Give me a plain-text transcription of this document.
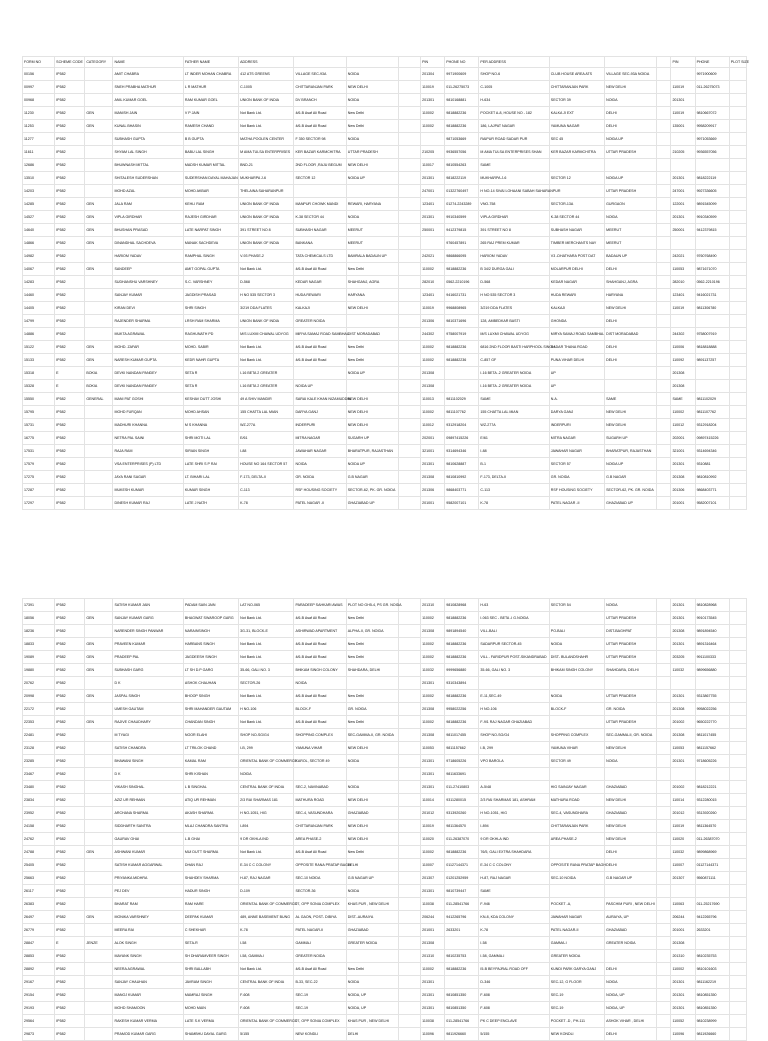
FORM NO	SCHEME CODE	CATEGORY	NAME	FATHER NAME	ADDRESS				PIN	PHONE NO	PER ADDRESS				PIN	PHONE	PLOT SIZE
00156	IP582		AMIT CHABRA	LT INDER MOHAN CHABRA	412 ATS GREENS	VILLAGE SEC-93A	NOIDA		201304	9971900609	SHOP NO-6	CLUB HOUSE AREA ATS	VILLAGE SEC-93A NOIDA			9971900609	
00997	IP582		SNEH PRABHA MATHUR	L R MATHUR	C-1005	CHITTARANJAN PARK	NEW DELHI		110019	011-26275073	C-1005	CHITTARANJAN PARK	NEW DELHI		110019	011-26275073	
00968	IP582		ANIL KUMAR GOEL	RAM KUMAR GOEL	UNION BANK OF INDIA	DV BRANCH	NOIDA		201301	9810168881	H-634	SECTOR 39	NOIDA		201301		
11230	IP582	GEN	MANISH JAIN	V P JAIN	Not Bank Ltd.	4/6-B Asaf Ali Road	New Delhi		110002	9818882236	POCKET A-8, HOUSE NO - 182	KALKA JI EXT	DELHI		110019	9810667072	
11253	IP582	GEN	KUNAL BHASIN	RAMESH CHAND	Not Bank Ltd.	4/6-B Asaf Ali Road	New Delhi		110002	9818882236	186, LAJPAT NAGAR	YAMUNA NAGAR	DELHI		135001	9958209917	
11277	IP582		SUBHASH GUPTA	B B GUPTA	MATHA POOLEN CENTER	F 350 SECTOR 98	NOIDA			9871053669	RAIPUR ROAD SADAR PUR	SEC 45	NOIDA UP			9971053669	
11611	IP582		SHYAM LAL SINGH	BABU LAL SINGH	M AMA TULSA ENTERPRISES	KER BAZAR KARMCHITRA	UTTAR PRADESH		210205	9936557056	M AMA TULSA ENTERPRISES SHAN	KER BAZAR KARMCHITRA	UTTAR PRADESH		210205	9936557056	
12686	IP582		BHUWNASH MITTAL	MADSH KUMAR MITTAL	BND-21	2ND FLOOR ,RAJU BEGUM	NEW DELHI		110017	9810554263	SAME						
13510	IP582		SHITALESH SUDERSHAN	SUDERSHAN DAYAL MAHAJAN	MUKHARPA J-6	SECTOR 12	NOIDA UP		201301	9818222119	MUKHARPA J-6	SECTOR 12	NOIDA UP		201301	9818222119	
14203	IP582		MOHD AZAL	MOHD AKBAR	THELAINA SAHARANPUR				247001	01322760497	H NO-14 SIVAI LOHAANI SABAH SAHARANPUR		UTTAR PRADESH		247001	9927336605	
14285	IP582	GEN	JALA RAM	KEHLI RAM	UNION BANK OF INDIA	MANPUR CHOWK MANDI	REWARI, HARYANA		123401	01274-2243289	VNO-758	SECTOR-13A	GURGAON		122001	9891545099	
14527	IP582	GEN	VIPLA GIRDHAR	RAJESH GIRDHAR	UNION BANK OF INDIA	K-38 SECTOR 44	NOIDA		201301	9910340599	VIPLA GIRDHAR	K-38 SECTOR 44	NOIDA		201301	9910340599	
14640	IP582	GEN	BHUSHAN PRASAD	LATE NARPAT SINGH	391 STREET NO 8	SUBHASH NAGAR	MEERUT		250001	9412379815	391 STREET NO 8	SUBHASH NAGAR	MEERUT		250001	9412379815	
14866	IP582	GEN	DINANDHAL SACHDEVA	MANAK SACHDEVA	UNION BANK OF INDIA	BANKANA	MEERUT			9760457891	265 RAJ PREM KUMAR	TIMBER MERCHANTS NAY	MEERUT				
14982	IP582		HARIOM YADAV	RAMPHAL SINGH	V-93 PHASE-2	TATA CHEMICALS LTD	BAMRALA BADAUN UP		242021	9868866095	HARIOM YADAV	V3 -DHATHARA POST DAT	BADAUN UP		242021	9760768490	
14067	IP582	GEN	SANDEEP	AMIT GOPAL GUPTA	Not Bank Ltd.	4/6-B Asaf Ali Road	New Delhi		110002	9818882236	B 34/2 DURGA GALI	MOLARPUR DELHI	DELHI		110053	9871671070	
14283	IP582		SUDHANSHU VARSHNEY	S.C. VARSHNEY	D-568	KEDAR NAGAR	SHAHGANJ, AGRA		282010	0562-2210196	D-568	KEDAR NAGAR	SHAHGANJ, AGRA		282010	0562-2210196	
14460	IP582		SANJAY KUMAR	JAGDISH PRASAD	H NO 535 SECTOR 3	HUDA REWARI	HARYANA		123401	9416021731	H NO 535 SECTOR 3	HUDA REWARI	HARYANA		123401	9416021731	
14405	IP582		KIRAN DEVI	SHRI SINGH	3/219 DDA FLATES	KALKAJI	NEW DELHI		110019	9968808965	3/219 DDA FLATES	KALKAJI	NEW DELHI		110019	9811306780	
14799	IP582		RAJENDER SHARMA	LRSH RAM SHARMA	UNION BANK OF INDIA	GREATER NOIDA			201306	9810371696	128, AMBEDKAR BASTI	GHONDA	DELHI				
14886	IP582		MUKTA AGRAWAL	RAGHUNATH PD	M/S LUXMI CHAWAL UDYOG	MIRYA SAMAJ ROAD SAMBHAL	DIST MORADABAD		244302	9758007919	M/S LUXMI CHAWAL UDYOG	MIRYA SAMAJ ROAD SAMBHAL	DIST MORADABAD		244302	9758007919	
15122	IP582	GEN	MOHD. ZAFAR	MOHD. SABIR	Not Bank Ltd.	4/6-B Asaf Ali Road	New Delhi		110002	9818882236	6816 2ND FLOOR BASTI HARPHOOL SINGH	SADAR THANA ROAD	DELHI		110006	9818818888	
15133	IP582	GEN	NARESH KUMAR GUPTA	KEDR NAHR GUPTA	Not Bank Ltd.	4/6-B Asaf Ali Road	New Delhi		110002	9818882236	C-857 GF	PUNA VIHAR DELHI	DELHI		110092	9891137257	
15318	E	BOKIA	DEVKI NANDAN PANDEY	SETA R	I-16 BETA 2 GREATER		NOIDA UP		201308		I-16 BETA -2 GREATER NOIDA	UP			201308		
15328	E	BOKIA	DEVKI NANDAN PANDEY	SETA R	I-16 BETA 2 GREATER	NOIDA UP			201308		I-16 BETA -2 GREATER NOIDA	UP			201308		
15550	IP582	GENERAL	MANI PAT GOSHI	KESHAV DUTT JOSHI	49 A SHIV MANDIR	SARAI KALE KHAN NIZAMUDDIN	NEW DELHI		110013	9811102029	SAME	N.A.	SAME		SAME	9811102029	
15795	IP582		MOHD FURQAN	MOHD AHSAN	155 CHATTA LAL MIAN	DARYA GANJ	NEW DELHI		110002	9811107762	155 CHATTA LAL MIAN	DARYA GANJ	NEW DELHI		110002	9811107762	
15731	IP582		MADHURI KHANNA	M S KHANNA	WZ-277A	INDERPURI	NEW DELHI		110012	9312918204	WZ-277A	INDERPURI	NEW DELHI		110012	9312918204	
16775	IP582		NETRA PAL SAINI	SHRI MOTI LAL	E/61	MITRA NAGAR	SUGARH UP		202001	09897415226	E/61	MITRA NAGAR	SUGARH UP		202001	09897415226	
17531	IP582		RAJA RAM	SIRIAN SINGH	I-88	JAWAHAR NAGAR	BHARATPUR, RAJASTHAN		321001	9314694346	I-88	JAWAHAR NAGAR	BHARATPUR, RAJASTHAN		321001	9314694346	
17579	IP582		VSA ENTERPRISES (P) LTD	LATE SHRI S P RAI	HOUSE NO 164 SECTOR 57	NOIDA	NOIDA UP		201301	9810628887	B-1	SECTOR 57	NOIDA UP		201301	9310881	
17275	IP582		JAYA RANI SAGAR	LT. BIHARI LAL	F-173, DELTA-II	GR. NOIDA	G.B NAGAR		201308	9810810992	F-173, DELTA-II	GR. NOIDA	G.B NAGAR		201308	9810810992	
17287	IP582		MUKESH KUMAR	KUMAR SINGH	C-113	RSF HOUSING SOCIETY	SECTOR-62, PK. GR. NOIDA		201306	9868403771	C-113	RSF HOUSING SOCIETY	SECTOR-62, PK. GR. NOIDA		201306	9868403771	
17297	IP582		DINESH KUMAR RAJ	LATE J NATH	K-78	PATEL NAGAR -II	GHAZIABAD UP		201001	9582007101	K-78	PATEL NAGAR -II	GHAZIABAD UP		201001	9582007101	
17391	IP582		SATISH KUMAR JAIN	PADAM SAIN JAIN	LAT NO-065	PARADEEP SAHKARI AWAS	PLOT NO GH5-4, PS GR. NOIDA		201310	9810828968	H-63	SECTOR 54	NOIDA		201301	9810828968	
18056	IP582	GEN	SANJAY KUMAR GARG	BHAGWAT SWAROOP GARG	Not Bank Ltd.	4/6-B Asaf Ali Road	New Delhi		110002	9818882236	I-063 SEC - BETA -I G.NOIDA		UTTAR PRADESH		201301	9910173545	
18236	IP582		NARENDER SINGH PANWAR	NARAINSINGH	3G-31, BLOCK-E	ASHIRWAD APARTMENT	ALPHA-II, GR. NOIDA		201308	9891894540	VILL-BALI	PO-BALI	DIST-BAGHPAT		201308	9891894540	
18833	IP582	GEN	PRAVEEN KUMAR	HARBANS SINGH	Not Bank Ltd.	4/6-B Asaf Ali Road	New Delhi		110002	9818882236	SADARPUR SECTOR-45	NOIDA	UTTAR PRADESH		201301	9891316464	
19089	IP582	GEN	PRADEEP PAL	JAGDEESH SINGH	Not Bank Ltd.	4/6-B Asaf Ali Road	New Delhi		110002	9818882236	VILL - FARIDPUR POST-SIKANDRABAD	DIST- BULANDSHAHR	UTTAR PRADESH		203205	9911100333	
19880	IP582	GEN	SUBHASH GARG	LT SH D.P GARG	35-66, GALI NO. 3	BHIKAM SINGH COLONY	SHAHDARA, DELHI		110032	9999656880	35-66, GALI NO. 3	BHIKAM SINGH COLONY	SHAHDARA, DELHI		110032	9899656880	
20762	IP582		D K	ASHOK CHAUHAN	SECTOR-26	NOIDA			201301	9310343894							
20998	IP582	GEN	JASPAL SINGH	BHOOP SINGH	Not Bank Ltd.	4/6-B Asaf Ali Road	New Delhi		110002	9818882236	E-11,SEC-49	NOIDA	UTTAR PRADESH		201301	9313867755	
22172	IP582		UMESH GAUTAM	SHRI MAHANDER GAUTAM	H NO-106	BLOCK-F	GR. NOIDA		201308	9958022256	H NO-106	BLOCK-F	GR. NOIDA		201308	9958022256	
22353	IP582	GEN	RAJIVE CHAUDHARY	CHANDAN SINGH	Not Bank Ltd.	4/6-B Asaf Ali Road	New Delhi		110002	9818882236	F-9/1 RAJ NAGAR GHAZIABAD		UTTAR PRADESH		201002	9650222770	
22481	IP582		M TYAGI	NOOR ELAHI	SHOP NO-SG/G4	SHOPPING COMPLEX	SEC-GAMMA-II, GR. NOIDA		201308	9811017455	SHOP NO-SG/G4	SHOPPING COMPLEX	SEC-GAMMA-II, GR. NOIDA		201308	9811017455	
23128	IP582		SATISH CHANDRA	LT TRILOK CHAND	I-B, 299	YAMUNA VIHAR	NEW DELHI		110053	9811157662	I-B, 299	YAMUNA VIHAR	NEW DELHI		110053	9811157662	
23285	IP582		BHAWANI SINGH	KAMAL RAM	ORIENTAL BANK OF COMMERCE	KAROL, SECTOR 49	NOIDA		201301	9718605226	VPO BAROLA	SECTOR 49	NOIDA		201301	9718605226	
23467	IP582		D K	SHRI KISHAN	NOIDA				201301	9811633691							
23480	IP582		VIKASH SINGHAL	L B SINGHAL	CENTRAL BANK OF INDIA	SEC-2, NAVINABAD	NOIDA		201301	011-27410803	A-5/48	HIG SAINJAY NAGAR	GHAZIABAD		201002	9818212221	
23834	IP582		AZIZ UR REHMAN	ATIQ UR REHMAN	2/3 RAI SHARMAS 181	MATHURA ROAD	NEW DELHI		110014	9311280015	2/3 RAI SHARMAS 181, ASHRAM	MATHURA ROAD	NEW DELHI		110014	9312280015	
23952	IP582		ARCHANA SHARMA	AKASH SHARMA	H NO-1051, HIG	SEC-4, VASUNDHARA	GHAZIABAD		201012	9313920260	H NO-1051, HIG	SEC-4, VASUNDHARA	GHAZIABAD		201012	9313920260	
24158	IP582		SIDDHARTH SANTRA	MLAJ CHANDRA SANTRA	I-894	CHITTARANJAN PARK	NEW DELHI		110019	9811364570	I-894	CHITTARANJAN PARK	NEW DELHI		110019	9811364570	
24762	IP582		GAURAV GHAI	L.B GHAI	9 DR OKHLA IND	AREA PHASE-2	NEW DELHI		110020	011-26387070	9 DR OKHLA IND	AREA PHASE-2	NEW DELHI		110020	011-26387070	
24788	IP582	GEN	ASHWANI KUMAR	MUI DUTT SHARMA	Not Bank Ltd.	4/6-B Asaf Ali Road	New Delhi		110002	9818882236	76/5, GALI EXTRA SHAHDARA		DELHI		110032	9899868969	
25405	IP582		SATISH KUMAR AGGARWAL	DHAN RAJ	E-34 C C COLONY	OPPOSITE RANA PRATAP BAGH	DELHI		110007	01127144371	E-34 C C COLONY	OPPOSITE RANA PRATAP BAGH	DELHI		110007	01127144371	
25663	IP582		PRIYANKA MIDHRA	SHAHDEV SHARMA	H-87, RAJ NAGAR	SEC-10 NOIDA	G.B NAGAR UP		201307	01201252959	H-87, RAJ NAGAR	SEC-10 NOIDA	G.B NAGAR UP		201307	9560871111	
26117	IP582		PEJ DEV	HADUR SINGH	D-109	SECTOR-36	NOIDA		201301	9810739447	SAME						
26383	IP582		BHARAT RAM	RAM HARE	ORIENTAL BANK OF COMMERCE	27, OPP SONIA COMPLEX	KHAS PUR , NEW DELHI		110038	011-28541766	F-946	POCKET -A,	PASCHIM PURI , NEW DELHI		110063	011-25217690	
26497	IP582	GEN	MONIKA VARSHNEY	DEEPAK KUMAR	489, ANNE BASEMENT BUNG	AL GAON, POST- DIBIYA	DIST.-AURAIYA		206244	9412265796	KN-8, KDA COLONY	JAWAHAR NAGAR	AURAIYA, UP		206244	9412265796	
26779	IP582		MEERA RAI	C SHEKHAR	K-78	PATEL NAGAR-II	GHAZIABAD		201001	2633201	K-78	PATEL NAGAR-II	GHAZIABAD		201001	2633201	
28847	E	JENZE	ALOK SINGH	SETA-R	I-58	GAMMA-I	GREATER NOIDA		201308		I-58	GAMMA-I	GREATER NOIDA		201308		
28853	IP582		MAYANK SINGH	SH DHARAMVEER SINGH	I-58, GAMMA-I	GREATER NOIDA			201310	9810235753	I-58, GAMMA-I	GREATER NOIDA			201310	9810235753	
28892	IP582		NEERA AGRAWAL	SHRI BALLABH	Not Bank Ltd.	4/6-B Asaf Ali Road	New Delhi		110002	9818882236	I5-B BEYPAJRAL ROAD OFF	KUNDI PARK GARYA GANJ	DELHI		110002	9810101603	
29167	IP582		SANJAY CHAUHAN	JAVRAM SINGH	CENTRAL BANK OF INDIA	B-33, SEC-22	NOIDA		201301		D-346	SEC-12, G FLOOR	NOIDA		201301	9811162219	
29154	IP582		MANOJ KUMAR	MAMRAJ SINGH	F-608	SEC-19	NOIDA, UP		201301	9810851350	F-608	SEC-19	NOIDA, UP		201301	9810851350	
29193	IP582		MOHD SHAMOON	MOHD MAIN	F-608	SEC-19	NOIDA, UP		201301	9810851350	F-608	SEC-19	NOIDA, UP		201301	9810851350	
29564	IP582		RAKESH KUMAR VERMA	LATE S.K VERMA	ORIENTAL BANK OF COMMERCE	27, OPP SONIA COMPLEX	KHAS PUR , NEW DELHI		110038	011-28541766	PK C DEEP ENCLAVE	POCKET -D , PH-111	ASHOK VIHAR , DELHI		110052	9810238999	
29873	IP582		PRAMOD KUMAR GARG	SHAMBHU DAYAL GARG	5/155	NEW KONDLI	DELHI		110096	9811926660	5/155	NEW KONDLI	DELHI		110096	9811926660	
